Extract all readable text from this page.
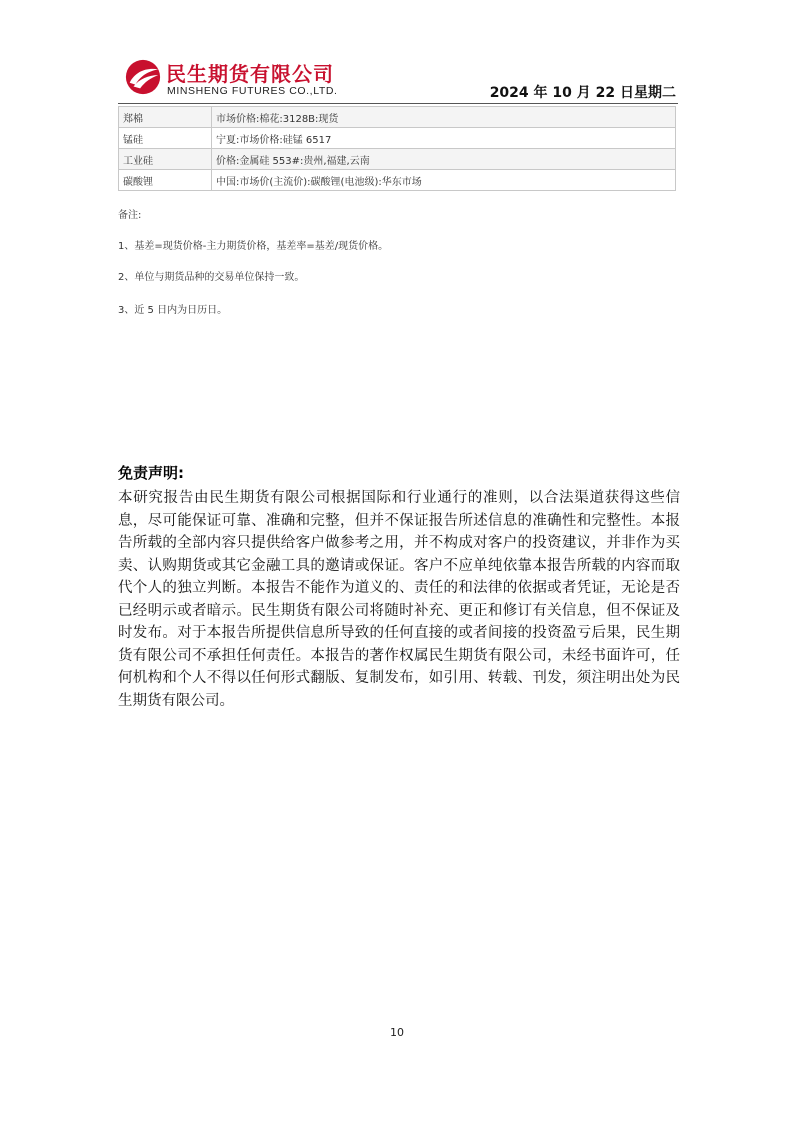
民生期货有限公司
MINSHENG FUTURES CO.,LTD.	2024 年 10 月 22 日星期二
郑棉	市场价格:棉花:3128B:现货
锰硅	宁夏:市场价格:硅锰 6517
工业硅	价格:金属硅 553#:贵州,福建,云南
碳酸锂	中国:市场价(主流价):碳酸锂(电池级):华东市场

备注:

1、基差=现货价格-主力期货价格，基差率=基差/现货价格。

2、单位与期货品种的交易单位保持一致。

3、近 5 日内为日历日。

免责声明:

本研究报告由民生期货有限公司根据国际和行业通行的准则，以合法渠道获得这些信息，尽可能保证可靠、准确和完整，但并不保证报告所述信息的准确性和完整性。本报告所载的全部内容只提供给客户做参考之用，并不构成对客户的投资建议，并非作为买卖、认购期货或其它金融工具的邀请或保证。客户不应单纯依靠本报告所载的内容而取代个人的独立判断。本报告不能作为道义的、责任的和法律的依据或者凭证，无论是否已经明示或者暗示。民生期货有限公司将随时补充、更正和修订有关信息，但不保证及时发布。对于本报告所提供信息所导致的任何直接的或者间接的投资盈亏后果，民生期货有限公司不承担任何责任。本报告的著作权属民生期货有限公司，未经书面许可，任何机构和个人不得以任何形式翻版、复制发布，如引用、转载、刊发，须注明出处为民生期货有限公司。

10
